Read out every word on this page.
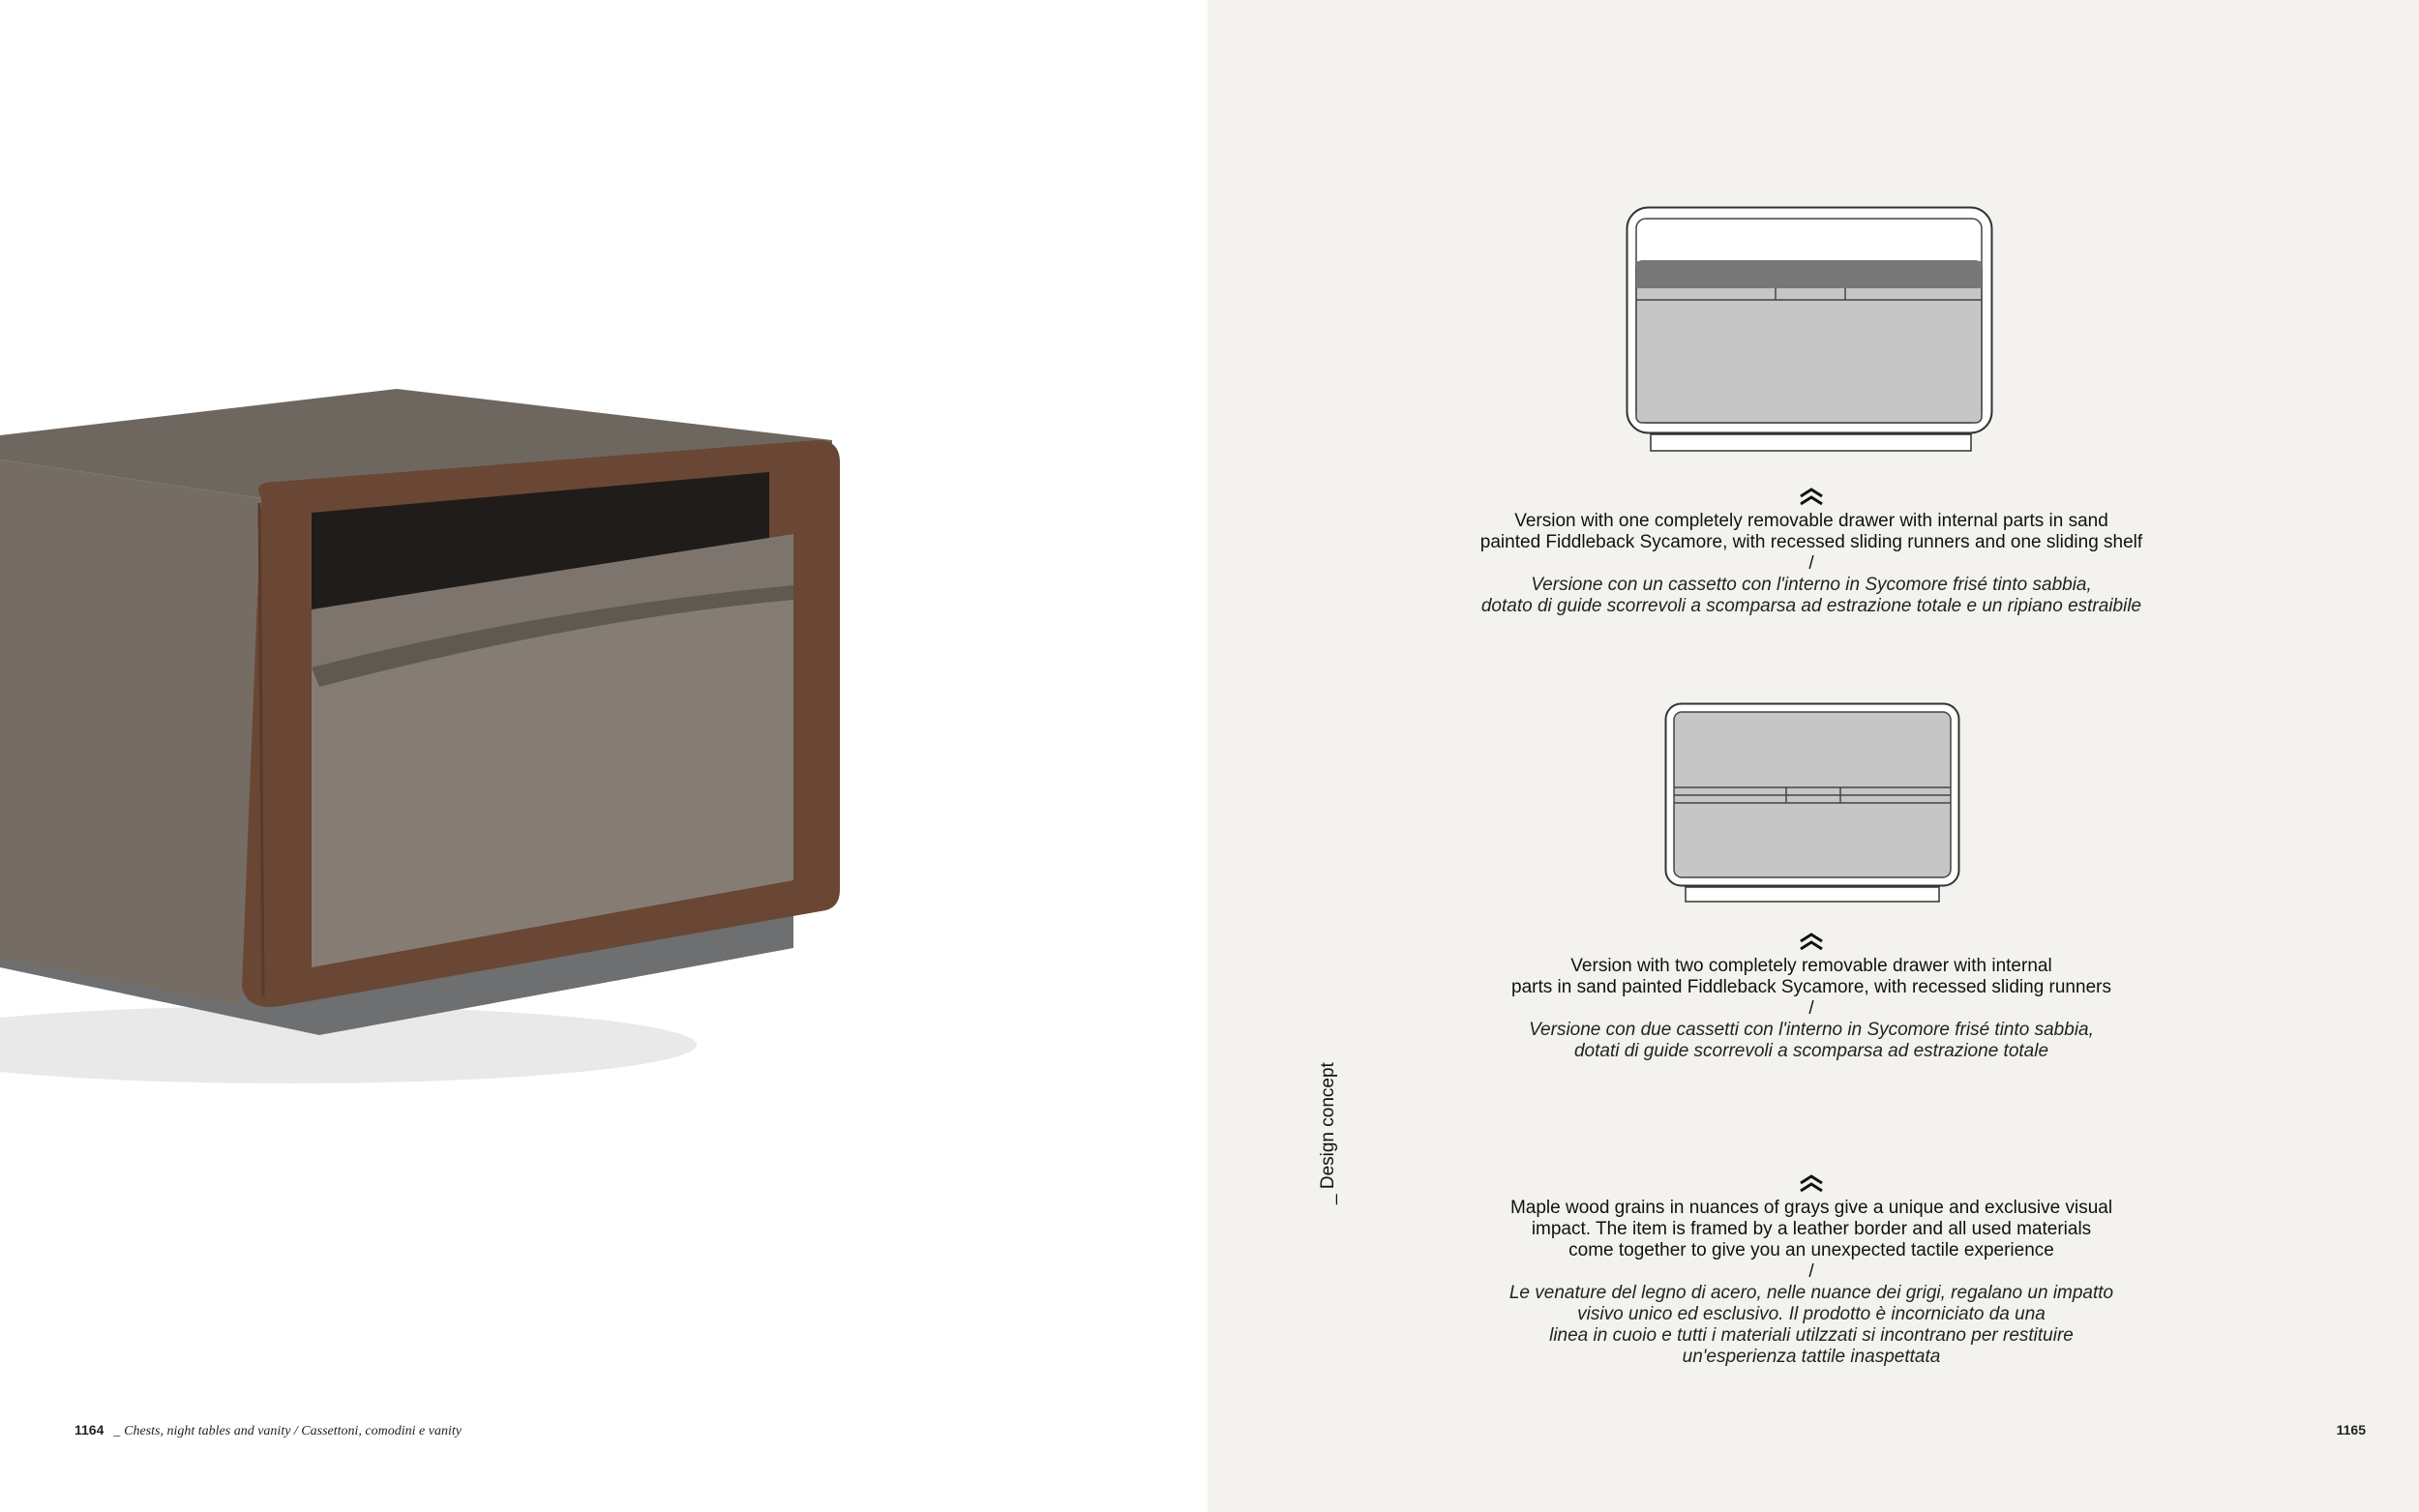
1164 _ Chests, night tables and vanity / Cassettoni, comodini e vanity
_ Design concept
Version with one completely removable drawer with internal parts in sand
painted Fiddleback Sycamore, with recessed sliding runners and one sliding shelf
/
Versione con un cassetto con l'interno in Sycomore frisé tinto sabbia,
dotato di guide scorrevoli a scomparsa ad estrazione totale e un ripiano estraibile
Version with two completely removable drawer with internal
parts in sand painted Fiddleback Sycamore, with recessed sliding runners
/
Versione con due cassetti con l'interno in Sycomore frisé tinto sabbia,
dotati di guide scorrevoli a scomparsa ad estrazione totale
Maple wood grains in nuances of grays give a unique and exclusive visual
impact. The item is framed by a leather border and all used materials
come together to give you an unexpected tactile experience
/
Le venature del legno di acero, nelle nuance dei grigi, regalano un impatto
visivo unico ed esclusivo. Il prodotto è incorniciato da una
linea in cuoio e tutti i materiali utilzzati si incontrano per restituire
un'esperienza tattile inaspettata
1165
